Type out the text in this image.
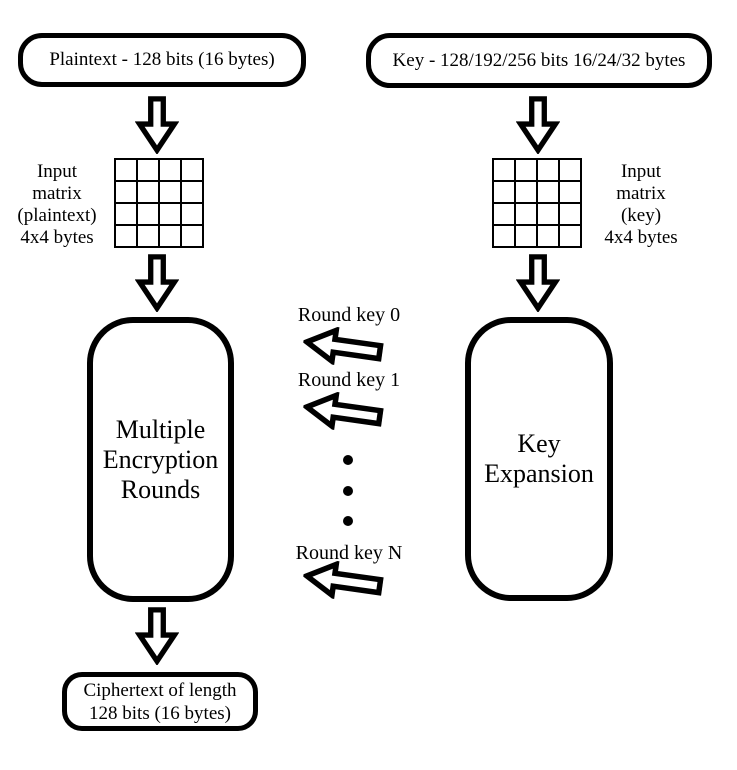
Plaintext - 128 bits (16 bytes)	Key - 128/192/256 bits 16/24/32 bytes
Input
matrix
(plaintext)
4x4 bytes
Input
matrix
(key)
4x4 bytes
Multiple
Encryption
Rounds
Key
Expansion
Round key 0
Round key 1
Round key N
Ciphertext of length
128 bits (16 bytes)
